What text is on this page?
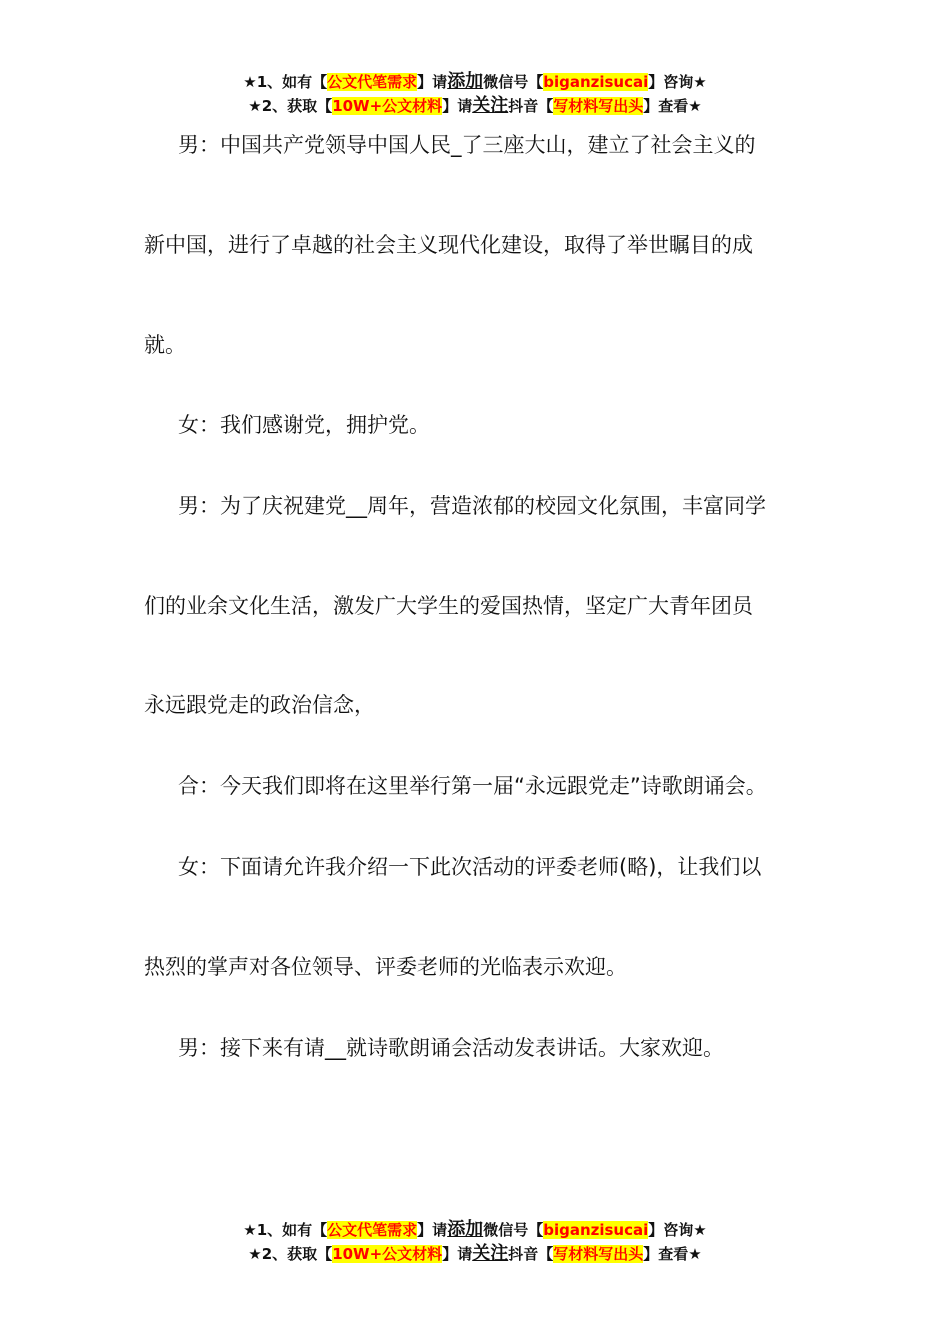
★1、如有【公文代笔需求】请添加微信号【biganzisucai】咨询★
★2、获取【10W+公文材料】请关注抖音【写材料写出头】查看★
男：中国共产党领导中国人民_了三座大山，建立了社会主义的
新中国，进行了卓越的社会主义现代化建设，取得了举世瞩目的成
就。
女：我们感谢党，拥护党。
男：为了庆祝建党__周年，营造浓郁的校园文化氛围，丰富同学
们的业余文化生活，激发广大学生的爱国热情，坚定广大青年团员
永远跟党走的政治信念，
合：今天我们即将在这里举行第一届“永远跟党走”诗歌朗诵会。
女：下面请允许我介绍一下此次活动的评委老师(略)，让我们以
热烈的掌声对各位领导、评委老师的光临表示欢迎。
男：接下来有请__就诗歌朗诵会活动发表讲话。大家欢迎。
★1、如有【公文代笔需求】请添加微信号【biganzisucai】咨询★
★2、获取【10W+公文材料】请关注抖音【写材料写出头】查看★
